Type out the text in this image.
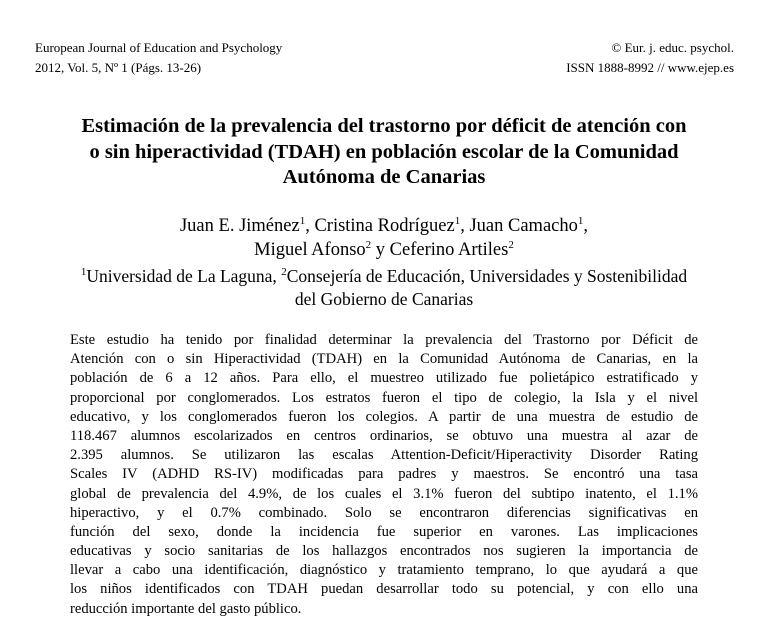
European Journal of Education and Psychology
2012, Vol. 5, Nº 1 (Págs. 13-26)
© Eur. j. educ. psychol.
ISSN 1888-8992 // www.ejep.es
Estimación de la prevalencia del trastorno por déficit de atención con
o sin hiperactividad (TDAH) en población escolar de la Comunidad
Autónoma de Canarias
Juan E. Jiménez$^1$, Cristina Rodríguez$^1$, Juan Camacho$^1$,
Miguel Afonso$^2$ y Ceferino Artiles$^2$
$^1$Universidad de La Laguna, $^2$Consejería de Educación, Universidades y Sostenibilidad
del Gobierno de Canarias
Este estudio ha tenido por finalidad determinar la prevalencia del Trastorno por Déficit de
Atención con o sin Hiperactividad (TDAH) en la Comunidad Autónoma de Canarias, en la
población de 6 a 12 años. Para ello, el muestreo utilizado fue polietápico estratificado y
proporcional por conglomerados. Los estratos fueron el tipo de colegio, la Isla y el nivel
educativo, y los conglomerados fueron los colegios. A partir de una muestra de estudio de
118.467 alumnos escolarizados en centros ordinarios, se obtuvo una muestra al azar de
2.395 alumnos. Se utilizaron las escalas Attention-Deficit/Hiperactivity Disorder Rating
Scales IV (ADHD RS-IV) modificadas para padres y maestros. Se encontró una tasa
global de prevalencia del 4.9%, de los cuales el 3.1% fueron del subtipo inatento, el 1.1%
hiperactivo, y el 0.7% combinado. Solo se encontraron diferencias significativas en
función del sexo, donde la incidencia fue superior en varones. Las implicaciones
educativas y socio sanitarias de los hallazgos encontrados nos sugieren la importancia de
llevar a cabo una identificación, diagnóstico y tratamiento temprano, lo que ayudará a que
los niños identificados con TDAH puedan desarrollar todo su potencial, y con ello una
reducción importante del gasto público.
